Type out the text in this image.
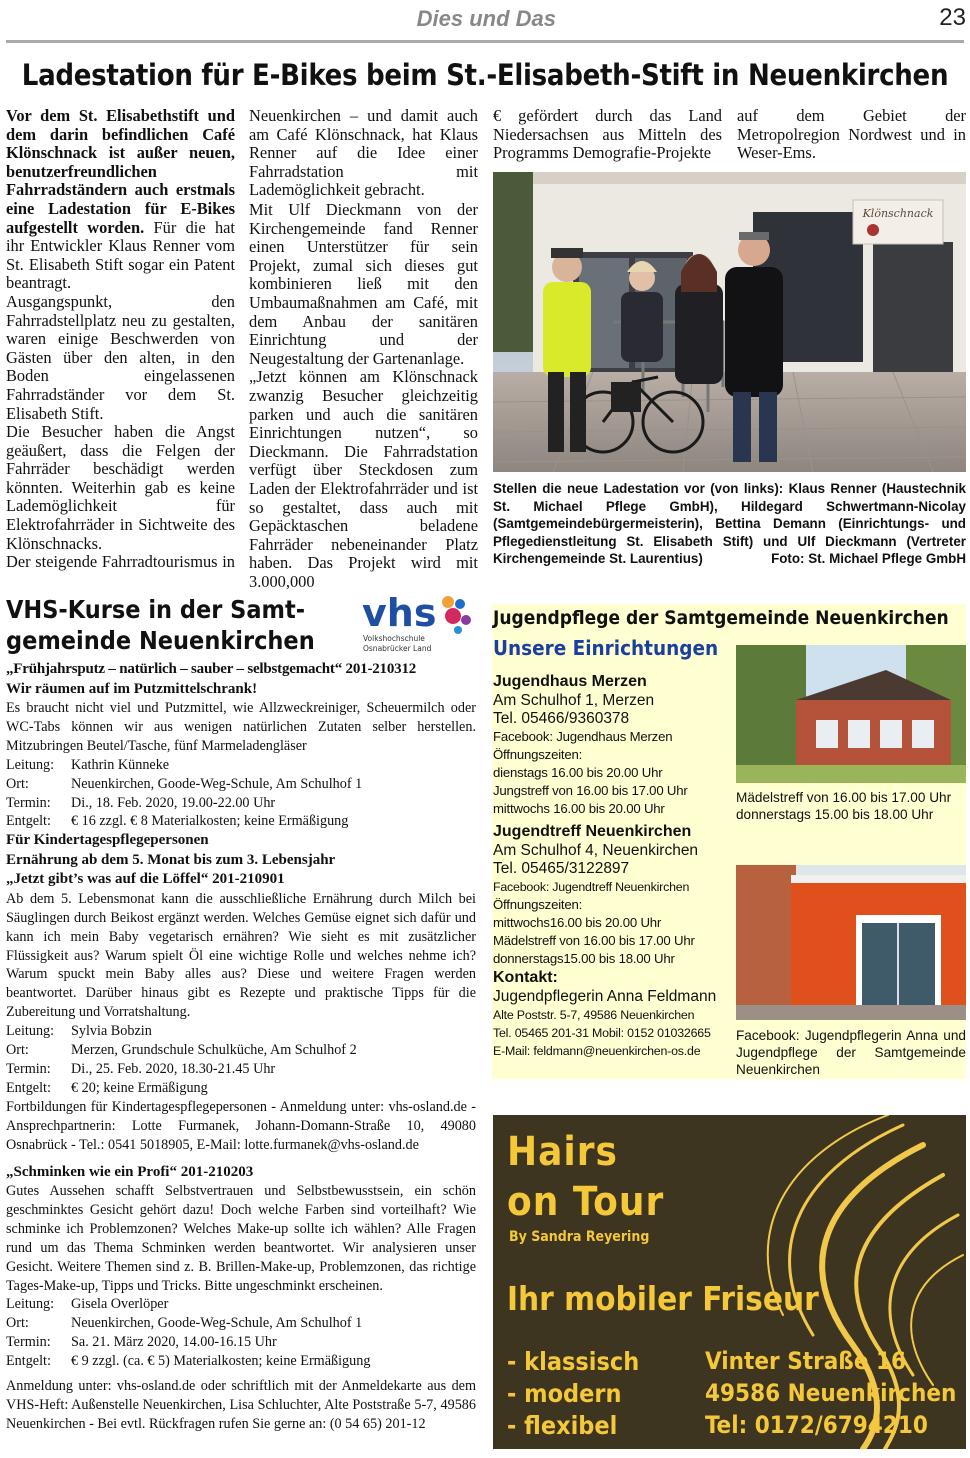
Dies und Das	23
Ladestation für E-Bikes beim St.-Elisabeth-Stift in Neuenkirchen

Vor dem St. Elisabethstift und dem darin befindlichen Café Klönschnack ist außer neuen, benutzerfreundlichen Fahrradständern auch erstmals eine Ladestation für E-Bikes aufgestellt worden. Für die hat ihr Entwickler Klaus Renner vom St. Elisabeth Stift sogar ein Patent beantragt.

Ausgangspunkt, den Fahrradstellplatz neu zu gestalten, waren einige Beschwerden von Gästen über den alten, in den Boden eingelassenen Fahrradständer vor dem St. Elisabeth Stift.

Die Besucher haben die Angst geäußert, dass die Felgen der Fahrräder beschädigt werden könnten. Weiterhin gab es keine Lademöglichkeit für Elektrofahrräder in Sichtweite des Klönschnacks.

Der steigende Fahrradtourismus in

Neuenkirchen – und damit auch am Café Klönschnack, hat Klaus Renner auf die Idee einer Fahrradstation mit Lademöglichkeit gebracht.

Mit Ulf Dieckmann von der Kirchengemeinde fand Renner einen Unterstützer für sein Projekt, zumal sich dieses gut kombinieren ließ mit den Umbaumaßnahmen am Café, mit dem Anbau der sanitären Einrichtung und der Neugestaltung der Gartenanlage.

„Jetzt können am Klönschnack zwanzig Besucher gleichzeitig parken und auch die sanitären Einrichtungen nutzen“, so Dieckmann. Die Fahrradstation verfügt über Steckdosen zum Laden der Elektrofahrräder und ist so gestaltet, dass auch mit Gepäcktaschen beladene Fahrräder nebeneinander Platz haben. Das Projekt wird mit 3.000,000

€ gefördert durch das Land Niedersachsen aus Mitteln des Programms Demografie-Projekte

auf dem Gebiet der Metropolregion Nordwest und in Weser-Ems.

Klönschnack
Stellen die neue Ladestation vor (von links): Klaus Renner (Haustechnik St. Michael Pflege GmbH), Hildegard Schwertmann-Nicolay (Samtgemeindebürgermeisterin), Bettina Demann (Einrichtungs- und Pflegedienstleitung St. Elisabeth Stift) und Ulf Dieckmann (Vertreter Kirchengemeinde St. Laurentius)	Foto: St. Michael Pflege GmbH
VHS-Kurse in der Samt-
gemeinde Neuenkirchen
vhs
Volkshochschule
Osnabrücker Land
„Frühjahrsputz – natürlich – sauber – selbstgemacht“ 201-210312
Wir räumen auf im Putzmittelschrank!

Es braucht nicht viel und Putzmittel, wie Allzweckreiniger, Scheuermilch oder WC-Tabs können wir aus wenigen natürlichen Zutaten selber herstellen. Mitzubringen Beutel/Tasche, fünf Marmeladengläser

Leitung:	Kathrin Künneke
Ort:	Neuenkirchen, Goode-Weg-Schule, Am Schulhof 1
Termin:	Di., 18. Feb. 2020, 19.00-22.00 Uhr
Entgelt:	€ 16 zzgl. € 8 Materialkosten; keine Ermäßigung
Für Kindertagespflegepersonen
Ernährung ab dem 5. Monat bis zum 3. Lebensjahr
„Jetzt gibt’s was auf die Löffel“ 201-210901

Ab dem 5. Lebensmonat kann die ausschließliche Ernährung durch Milch bei Säuglingen durch Beikost ergänzt werden. Welches Gemüse eignet sich dafür und kann ich mein Baby vegetarisch ernähren? Wie sieht es mit zusätzlicher Flüssigkeit aus? Warum spielt Öl eine wichtige Rolle und welches nehme ich? Warum spuckt mein Baby alles aus? Diese und weitere Fragen werden beantwortet. Darüber hinaus gibt es Rezepte und praktische Tipps für die Zubereitung und Vorratshaltung.

Leitung:	Sylvia Bobzin
Ort:	Merzen, Grundschule Schulküche, Am Schulhof 2
Termin:	Di., 25. Feb. 2020, 18.30-21.45 Uhr
Entgelt:	€ 20; keine Ermäßigung

Fortbildungen für Kindertagespflegepersonen - Anmeldung unter: vhs-osland.de - Ansprechpartnerin: Lotte Furmanek, Johann-Domann-Straße 10, 49080 Osnabrück - Tel.: 0541 5018905, E-Mail: lotte.furmanek@vhs-osland.de

„Schminken wie ein Profi“ 201-210203

Gutes Aussehen schafft Selbstvertrauen und Selbstbewusstsein, ein schön geschminktes Gesicht gehört dazu! Doch welche Farben sind vorteilhaft? Wie schminke ich Problemzonen? Welches Make-up sollte ich wählen? Alle Fragen rund um das Thema Schminken werden beantwortet. Wir analysieren unser Gesicht. Weitere Themen sind z. B. Brillen-Make-up, Problemzonen, das richtige Tages-Make-up, Tipps und Tricks. Bitte ungeschminkt erscheinen.

Leitung:	Gisela Overlöper
Ort:	Neuenkirchen, Goode-Weg-Schule, Am Schulhof 1
Termin:	Sa. 21. März 2020, 14.00-16.15 Uhr
Entgelt:	€ 9 zzgl. (ca. € 5) Materialkosten; keine Ermäßigung

Anmeldung unter: vhs-osland.de oder schriftlich mit der Anmeldekarte aus dem VHS-Heft: Außenstelle Neuenkirchen, Lisa Schluchter, Alte Poststraße 5-7, 49586 Neuenkirchen - Bei evtl. Rückfragen rufen Sie gerne an: (0 54 65) 201-12

Jugendpflege der Samtgemeinde Neuenkirchen
Unsere Einrichtungen
Jugendhaus Merzen
Am Schulhof 1, Merzen
Tel. 05466/9360378
Facebook: Jugendhaus Merzen
Öffnungszeiten:
dienstags 16.00 bis 20.00 Uhr
Jungstreff von 16.00 bis 17.00 Uhr
mittwochs 16.00 bis 20.00 Uhr
Jugendtreff Neuenkirchen
Am Schulhof 4, Neuenkirchen
Tel. 05465/3122897
Facebook: Jugendtreff Neuenkirchen
Öffnungszeiten:
mittwochs16.00 bis 20.00 Uhr
Mädelstreff von 16.00 bis 17.00 Uhr
donnerstags15.00 bis 18.00 Uhr
Kontakt:
Jugendpflegerin Anna Feldmann
Alte Poststr. 5-7, 49586 Neuenkirchen
Tel. 05465 201-31 Mobil: 0152 01032665
E-Mail: feldmann@neuenkirchen-os.de
Mädelstreff von 16.00 bis 17.00 Uhr
donnerstags 15.00 bis 18.00 Uhr
Facebook: Jugendpflegerin Anna und Jugendpflege der Samtgemeinde Neuenkirchen
Hairs
on Tour
By Sandra Reyering
Ihr mobiler Friseur
- klassisch
- modern
- flexibel
Vinter Straße 16
49586 Neuenkirchen
Tel: 0172/6794210
